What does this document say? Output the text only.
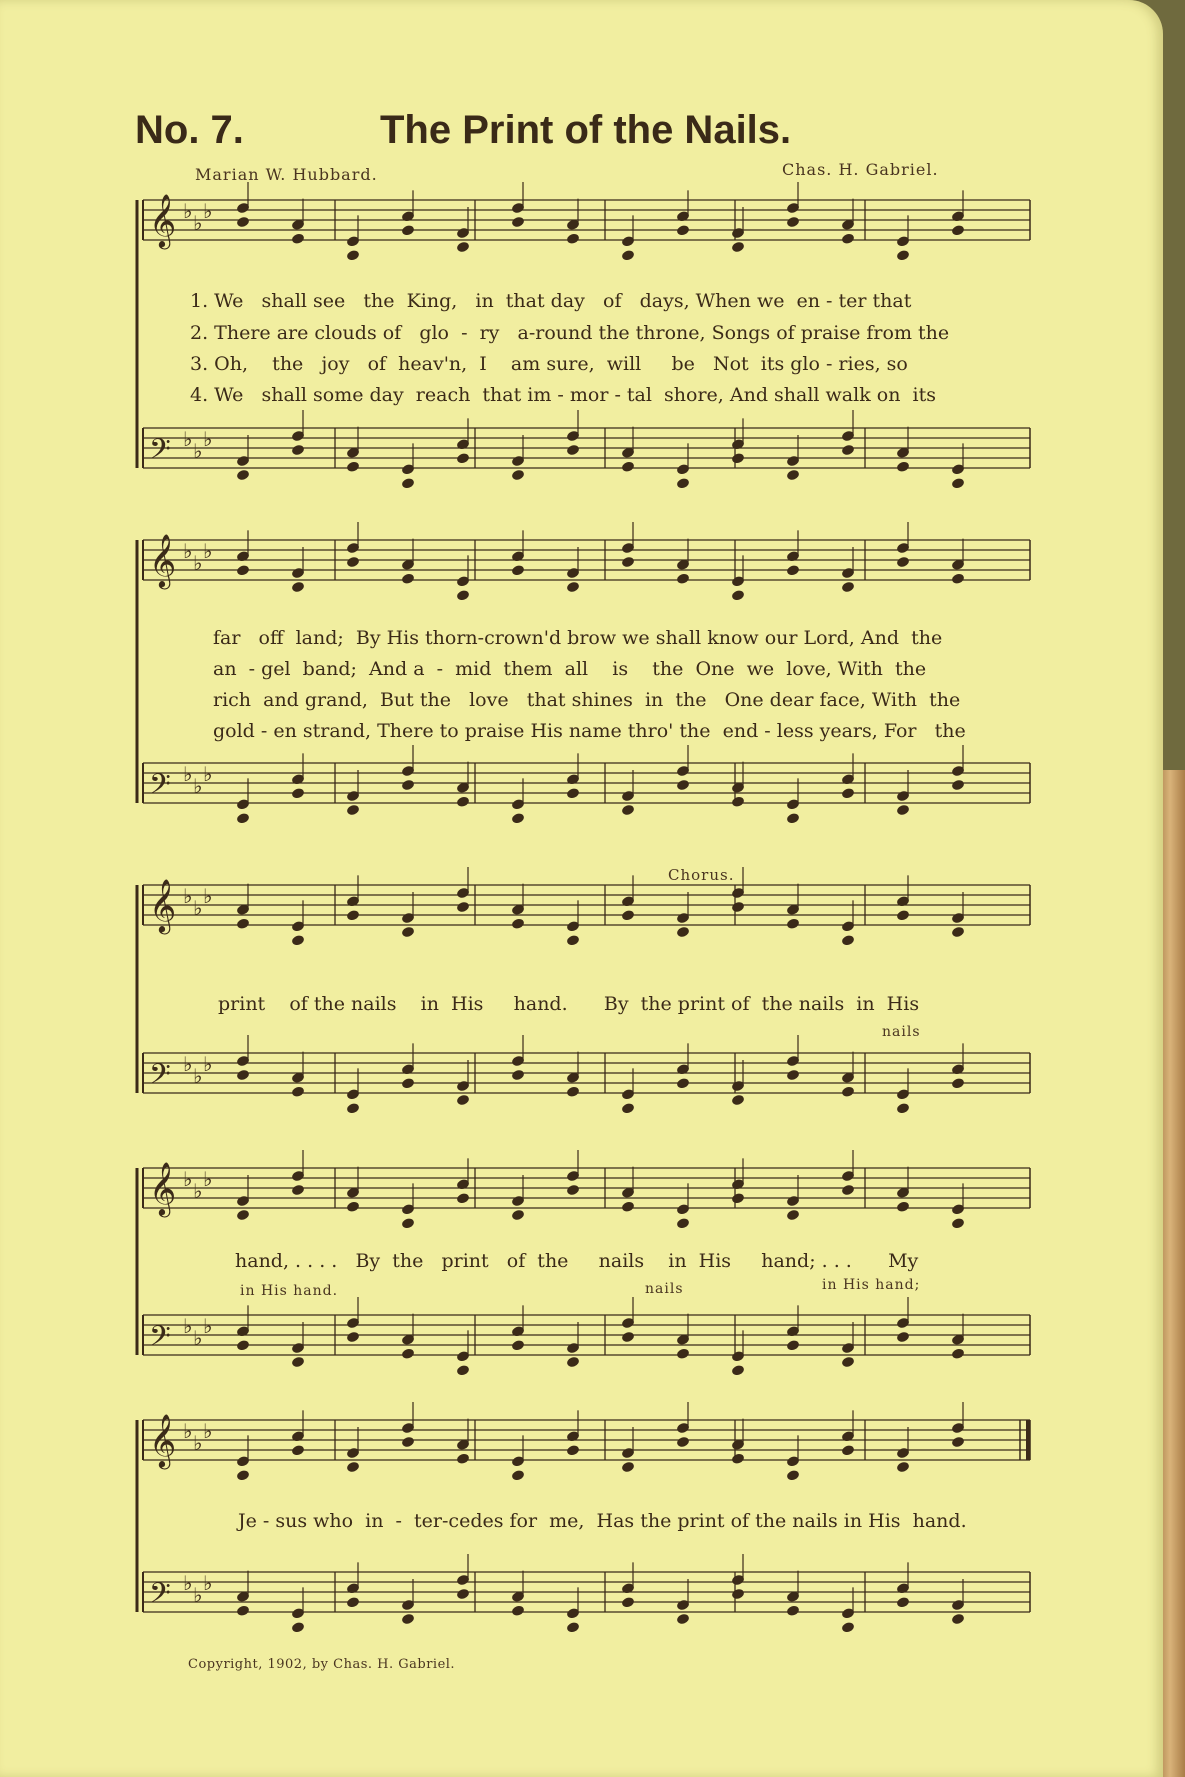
No. 7.	The Print of the Nails.
Marian W. Hubbard.	Chas. H. Gabriel.
𝄞 ♭ ♭ ♭
𝄢 ♭ ♭ ♭
𝄞 ♭ ♭ ♭
𝄢 ♭ ♭ ♭
𝄞 ♭ ♭ ♭
𝄢 ♭ ♭ ♭
𝄞 ♭ ♭ ♭
𝄢 ♭ ♭ ♭
𝄞 ♭ ♭ ♭
𝄢 ♭ ♭ ♭
1. We   shall see   the  King,   in  that day   of   days, When we  en - ter that
2. There are clouds of   glo  -  ry   a-round the throne, Songs of praise from the
3. Oh,    the   joy   of  heav'n,  I    am sure,  will     be   Not  its glo - ries, so
4. We   shall some day  reach  that im - mor - tal  shore, And shall walk on  its
far   off  land;  By His thorn-crown'd brow we shall know our Lord, And  the
an  - gel  band;  And a  -  mid  them  all    is    the  One  we  love, With  the
rich  and grand,  But the   love   that shines  in  the   One dear face, With  the
gold - en strand, There to praise His name thro' the  end - less years, For   the
Chorus.
print    of the nails    in  His     hand.      By  the print of  the nails  in  His
nails
hand, . . . .   By  the   print   of  the     nails    in  His     hand; . . .      My
in His hand.	nails	in His hand;
Je - sus who  in  -  ter-cedes for  me,  Has the print of the nails in His  hand.
Copyright, 1902, by Chas. H. Gabriel.
